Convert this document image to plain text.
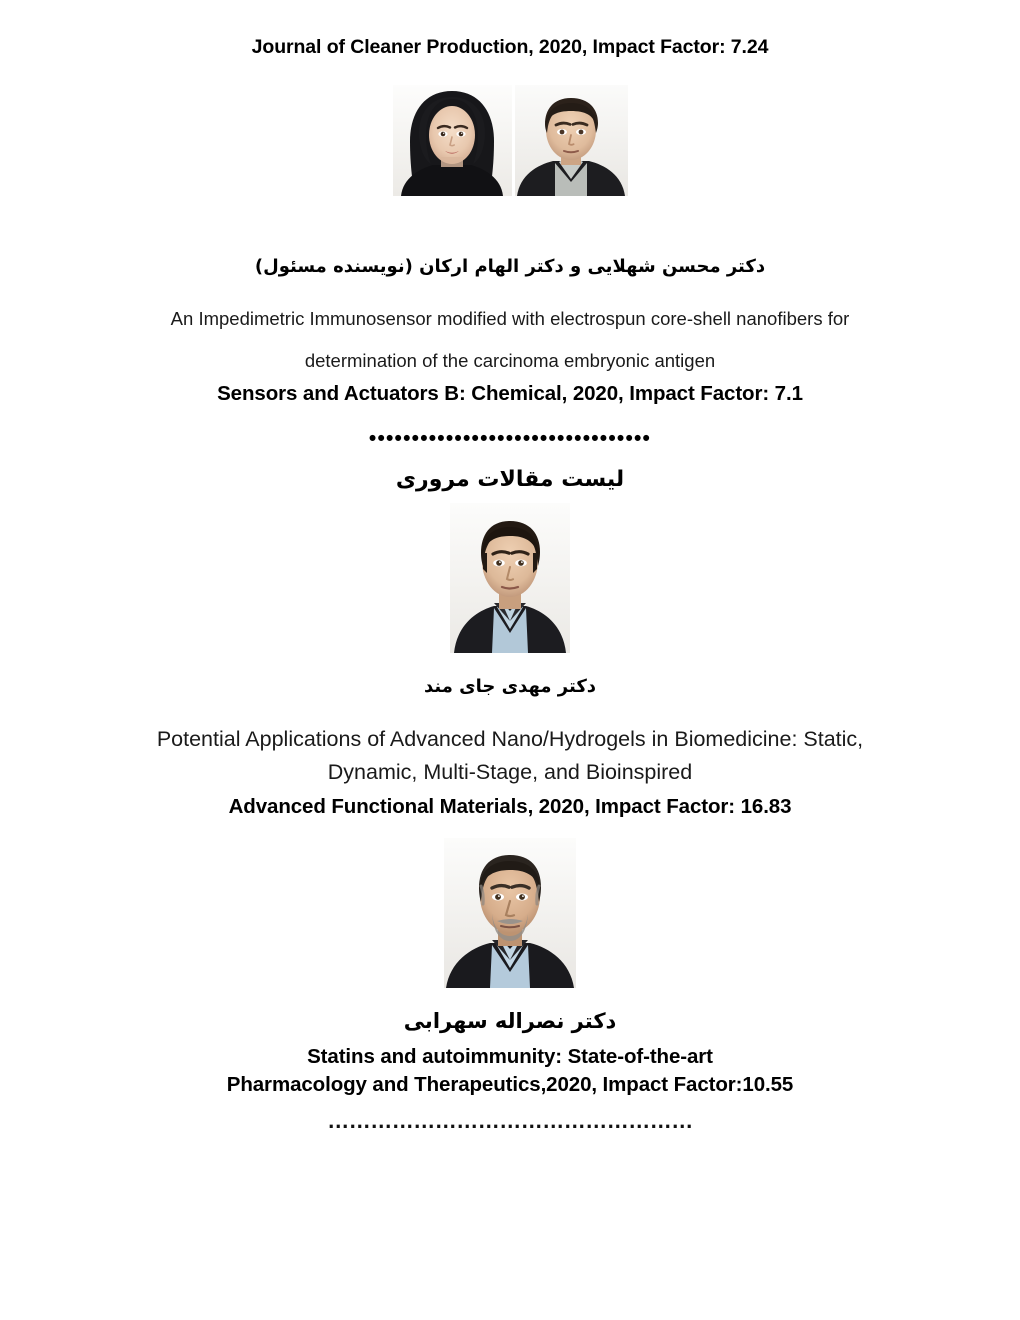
Journal of Cleaner Production, 2020, Impact Factor: 7.24
دکتر محسن شهلایی و دکتر الهام ارکان (نویسنده مسئول)
An Impedimetric Immunosensor modified with electrospun core-shell nanofibers for
determination of the carcinoma embryonic antigen
Sensors and Actuators B: Chemical, 2020, Impact Factor: 7.1
•••••••••••••••••••••••••••••••••
لیست مقالات مروری
دکتر مهدی جای مند
Potential Applications of Advanced Nano/Hydrogels in Biomedicine: Static,
Dynamic, Multi-Stage, and Bioinspired
Advanced Functional Materials, 2020, Impact Factor: 16.83
دکتر نصراله سهرابی
Statins and autoimmunity: State-of-the-art
Pharmacology and Therapeutics,2020, Impact Factor:10.55
……………………………………………
